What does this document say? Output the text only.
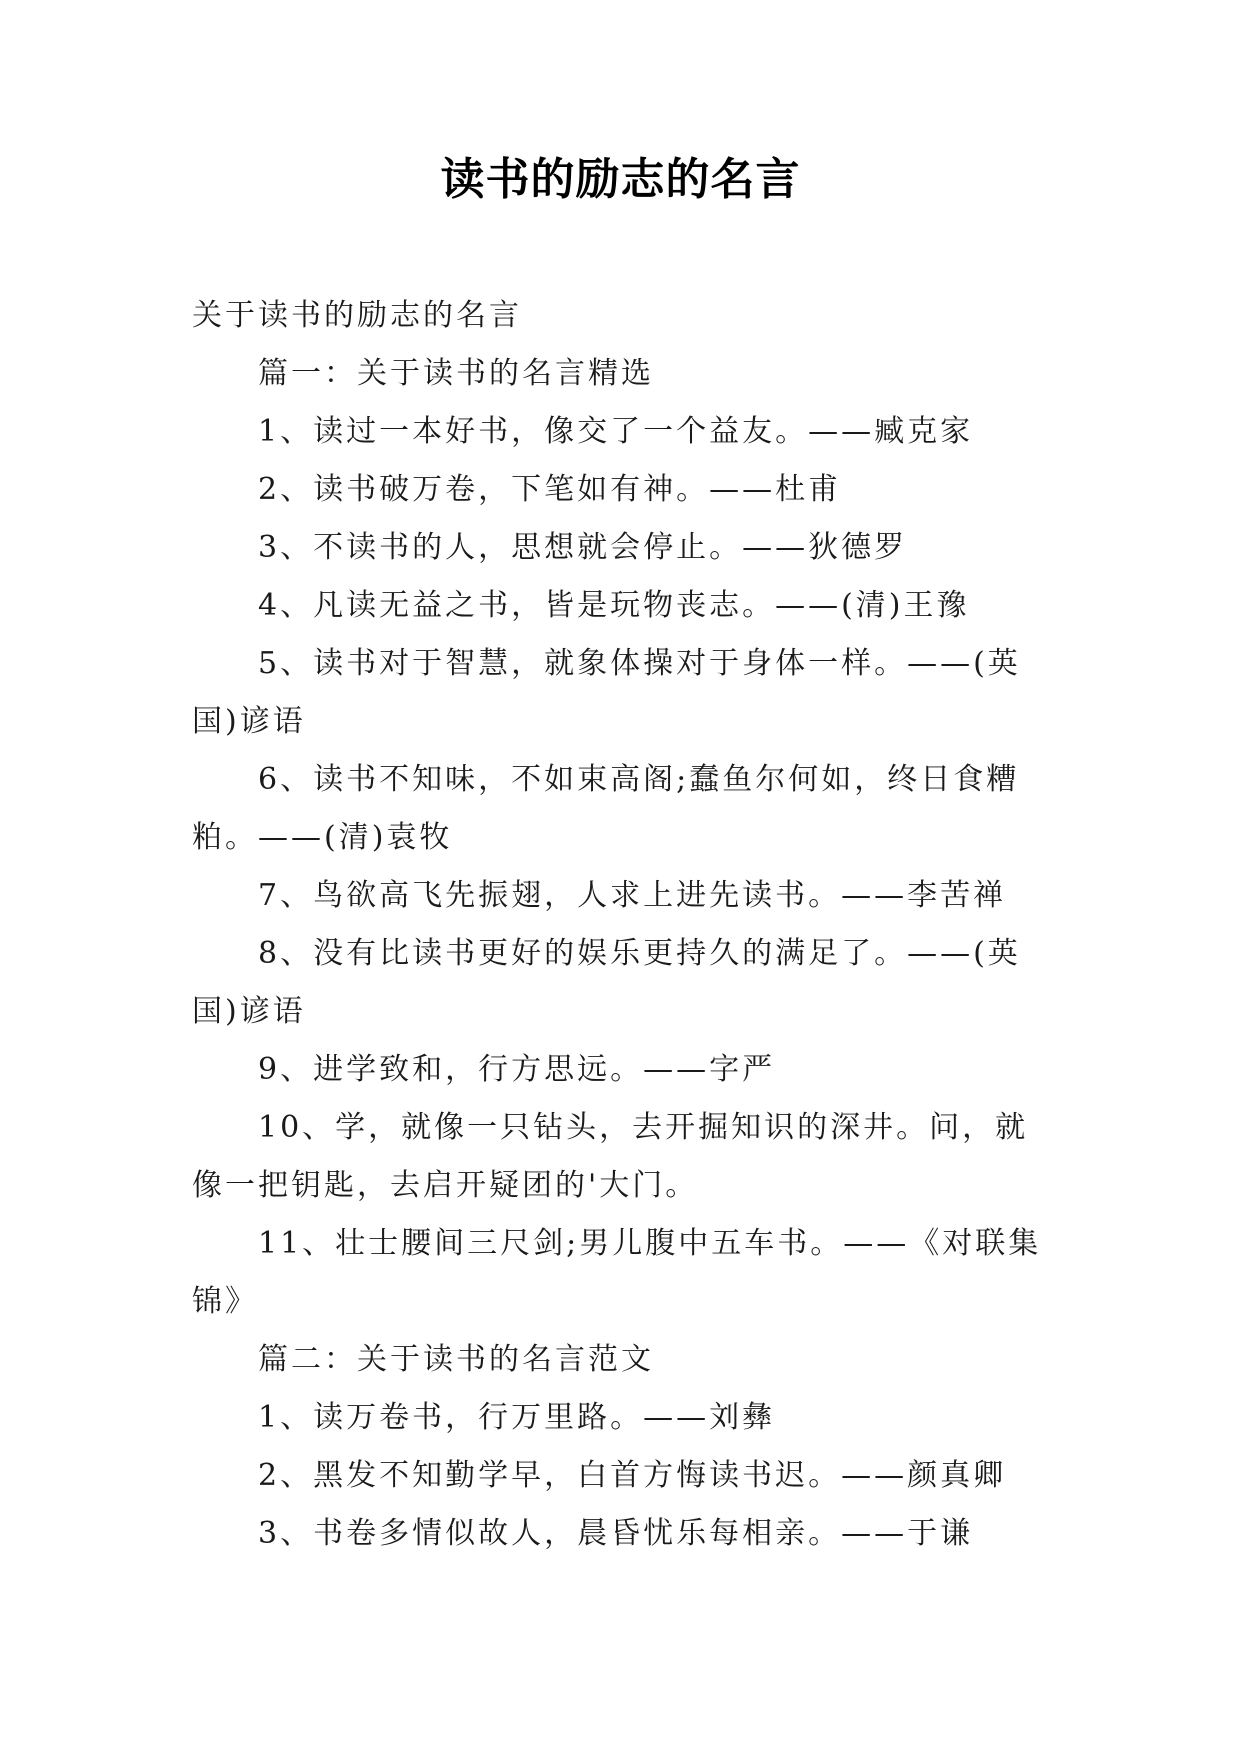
读书的励志的名言

关于读书的励志的名言

篇一：关于读书的名言精选

1、读过一本好书，像交了一个益友。——臧克家

2、读书破万卷，下笔如有神。——杜甫

3、不读书的人，思想就会停止。——狄德罗

4、凡读无益之书，皆是玩物丧志。——(清)王豫

5、读书对于智慧，就象体操对于身体一样。——(英国)谚语

6、读书不知味，不如束高阁;蠢鱼尔何如，终日食糟粕。——(清)袁牧

7、鸟欲高飞先振翅，人求上进先读书。——李苦禅

8、没有比读书更好的娱乐更持久的满足了。——(英国)谚语

9、进学致和，行方思远。——字严

10、学，就像一只钻头，去开掘知识的深井。问，就像一把钥匙，去启开疑团的'大门。

11、壮士腰间三尺剑;男儿腹中五车书。——《对联集锦》

篇二：关于读书的名言范文

1、读万卷书，行万里路。——刘彝

2、黑发不知勤学早，白首方悔读书迟。——颜真卿

3、书卷多情似故人，晨昏忧乐每相亲。——于谦
